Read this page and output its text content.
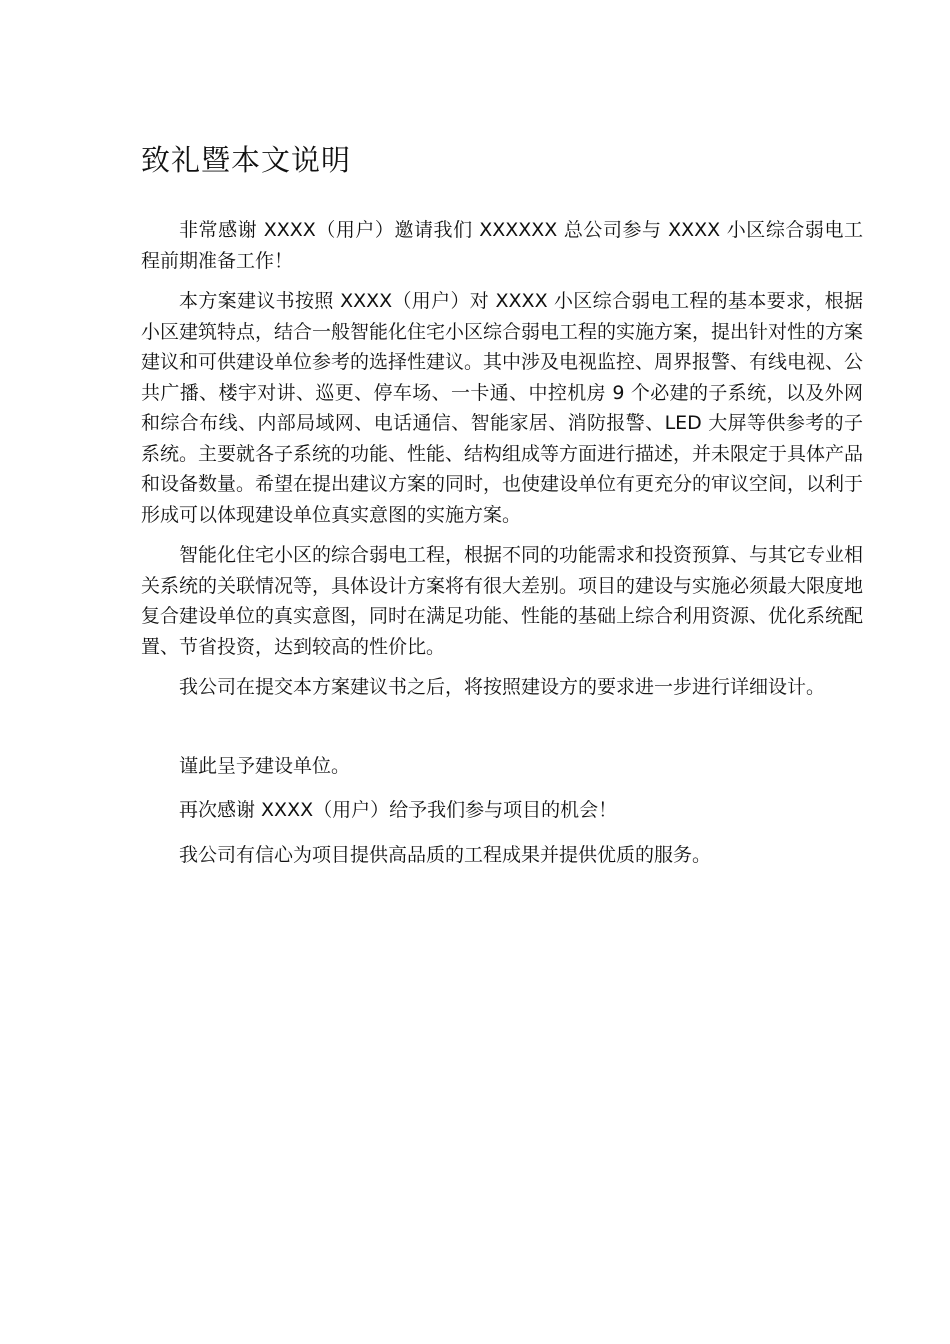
致礼暨本文说明

非常感谢 XXXX（用户）邀请我们 XXXXXX 总公司参与 XXXX 小区综合弱电工程前期准备工作！

本方案建议书按照 XXXX（用户）对 XXXX 小区综合弱电工程的基本要求，根据小区建筑特点，结合一般智能化住宅小区综合弱电工程的实施方案，提出针对性的方案建议和可供建设单位参考的选择性建议。其中涉及电视监控、周界报警、有线电视、公共广播、楼宇对讲、巡更、停车场、一卡通、中控机房 9 个必建的子系统，以及外网和综合布线、内部局域网、电话通信、智能家居、消防报警、LED 大屏等供参考的子系统。主要就各子系统的功能、性能、结构组成等方面进行描述，并未限定于具体产品和设备数量。希望在提出建议方案的同时，也使建设单位有更充分的审议空间，以利于形成可以体现建设单位真实意图的实施方案。

智能化住宅小区的综合弱电工程，根据不同的功能需求和投资预算、与其它专业相关系统的关联情况等，具体设计方案将有很大差别。项目的建设与实施必须最大限度地复合建设单位的真实意图，同时在满足功能、性能的基础上综合利用资源、优化系统配置、节省投资，达到较高的性价比。

我公司在提交本方案建议书之后，将按照建设方的要求进一步进行详细设计。

谨此呈予建设单位。

再次感谢 XXXX（用户）给予我们参与项目的机会！

我公司有信心为项目提供高品质的工程成果并提供优质的服务。
